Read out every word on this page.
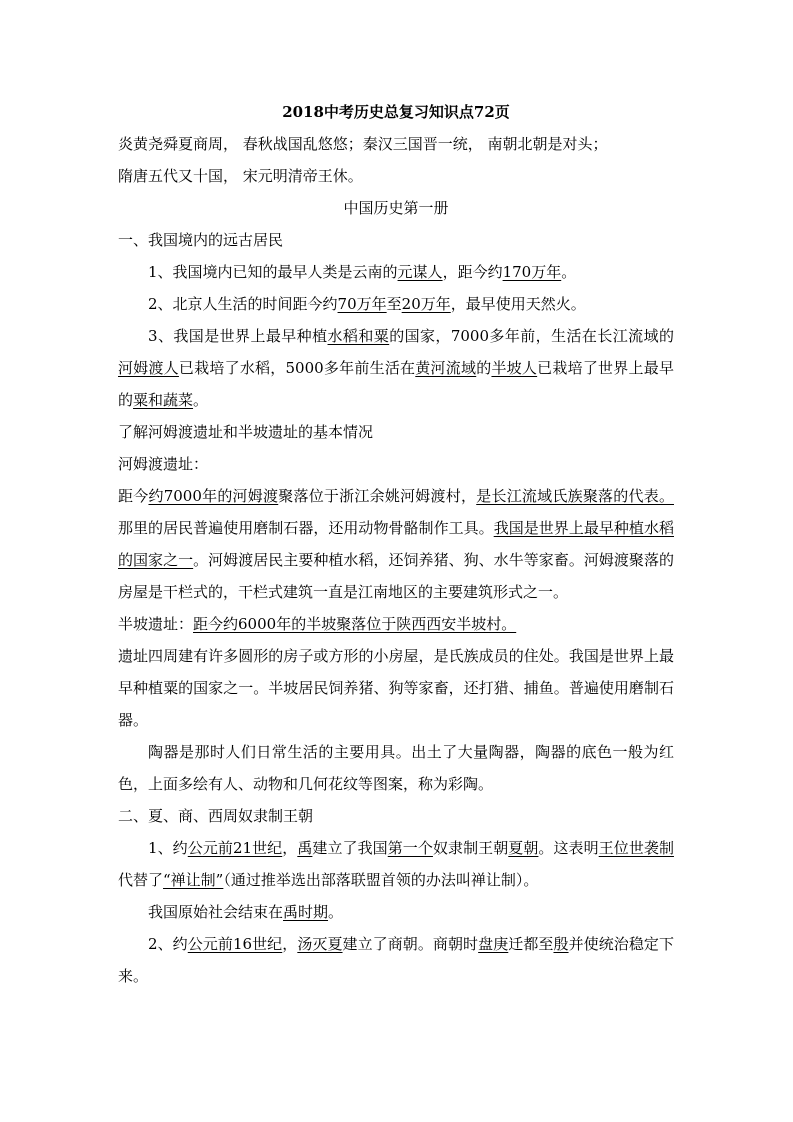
2018中考历史总复习知识点72页

炎黄尧舜夏商周， 春秋战国乱悠悠；秦汉三国晋一统， 南朝北朝是对头；

隋唐五代又十国， 宋元明清帝王休。

中国历史第一册

一、我国境内的远古居民

1、我国境内已知的最早人类是云南的元谋人，距今约170万年。

2、北京人生活的时间距今约70万年至20万年，最早使用天然火。

3、我国是世界上最早种植水稻和粟的国家，7000多年前，生活在长江流域的河姆渡人已栽培了水稻，5000多年前生活在黄河流域的半坡人已栽培了世界上最早的粟和蔬菜。

了解河姆渡遗址和半坡遗址的基本情况

河姆渡遗址：

距今约7000年的河姆渡聚落位于浙江余姚河姆渡村，是长江流域氏族聚落的代表。那里的居民普遍使用磨制石器，还用动物骨骼制作工具。我国是世界上最早种植水稻的国家之一。河姆渡居民主要种植水稻，还饲养猪、狗、水牛等家畜。河姆渡聚落的房屋是干栏式的，干栏式建筑一直是江南地区的主要建筑形式之一。

半坡遗址：距今约6000年的半坡聚落位于陕西西安半坡村。

遗址四周建有许多圆形的房子或方形的小房屋，是氏族成员的住处。我国是世界上最早种植粟的国家之一。半坡居民饲养猪、狗等家畜，还打猎、捕鱼。普遍使用磨制石器。

陶器是那时人们日常生活的主要用具。出土了大量陶器，陶器的底色一般为红色，上面多绘有人、动物和几何花纹等图案，称为彩陶。

二、夏、商、西周奴隶制王朝

1、约公元前21世纪，禹建立了我国第一个奴隶制王朝夏朝。这表明王位世袭制代替了“禅让制”（通过推举选出部落联盟首领的办法叫禅让制）。

我国原始社会结束在禹时期。

2、约公元前16世纪，汤灭夏建立了商朝。商朝时盘庚迁都至殷并使统治稳定下来。
